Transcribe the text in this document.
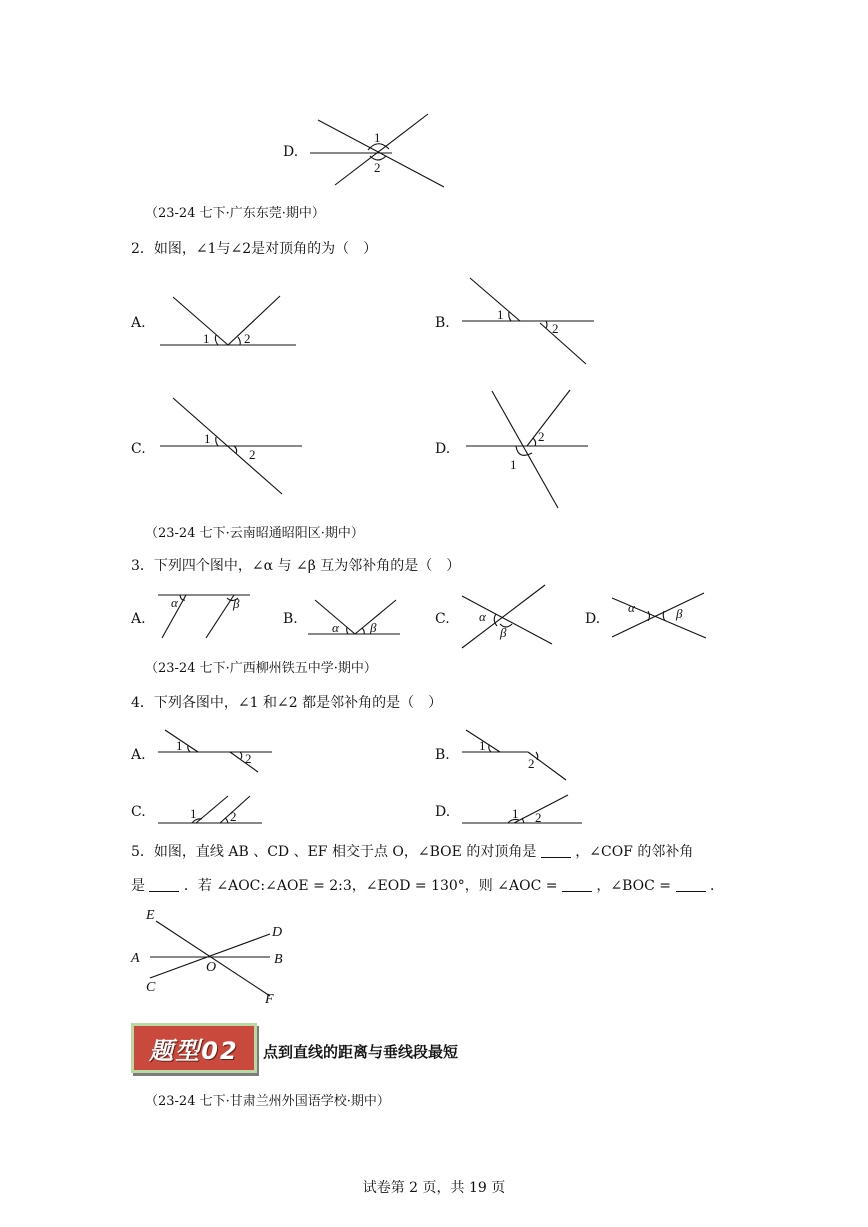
D.
1
2
（23-24 七下·广东东莞·期中）
2．如图，∠1与∠2是对顶角的为（　）
A.	B.
C.	D.
1	2
1
2
1
2
2
1
（23-24 七下·云南昭通昭阳区·期中）
3．下列四个图中，∠α 与 ∠β 互为邻补角的是（　）
A.	B.	C.	D.
α	β
α β
α
β
α	β
（23-24 七下·广西柳州铁五中学·期中）
4．下列各图中，∠1 和∠2 都是邻补角的是（　）
A.	B.
C.	D.
1
2
1
2
1	2	1 2
5．如图，直线 AB 、CD 、EF 相交于点 O，∠BOE 的对顶角是	，∠COF 的邻补角
是	．若 ∠AOC:∠AOE = 2:3，∠EOD = 130°，则 ∠AOC =	，∠BOC =	．
E
D
A
O
B
C
F
题型02 点到直线的距离与垂线段最短
（23-24 七下·甘肃兰州外国语学校·期中）
试卷第 2 页，共 19 页
